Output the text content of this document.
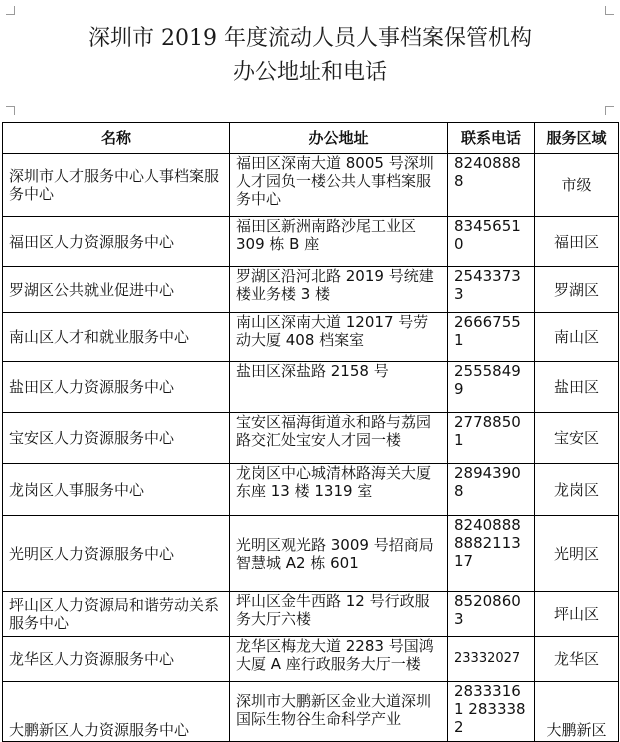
深圳市 2019 年度流动人员人事档案保管机构
办公地址和电话
名称	办公地址	联系电话	服务区域
深圳市人才服务中心人事档案服务中心	福田区深南大道 8005 号深圳人才园负一楼公共人事档案服务中心	82408888	市级
福田区人力资源服务中心	福田区新洲南路沙尾工业区309 栋 B 座	83456510	福田区
罗湖区公共就业促进中心	罗湖区沿河北路 2019 号统建楼业务楼 3 楼	25433733	罗湖区
南山区人才和就业服务中心	南山区深南大道 12017 号劳动大厦 408 档案室	26667551	南山区
盐田区人力资源服务中心	盐田区深盐路 2158 号	25558499	盐田区
宝安区人力资源服务中心	宝安区福海街道永和路与荔园路交汇处宝安人才园一楼	27788501	宝安区
龙岗区人事服务中心	龙岗区中心城清林路海关大厦东座 13 楼 1319 室	28943908	龙岗区
光明区人力资源服务中心	光明区观光路 3009 号招商局智慧城 A2 栋 601	8240888888211317	光明区
坪山区人力资源局和谐劳动关系服务中心	坪山区金牛西路 12 号行政服务大厅六楼	85208603	坪山区
龙华区人力资源服务中心	龙华区梅龙大道 2283 号国鸿大厦 A 座行政服务大厅一楼	23332027	龙华区
大鹏新区人力资源服务中心	深圳市大鹏新区金业大道深圳国际生物谷生命科学产业	28333161 2833382	大鹏新区
